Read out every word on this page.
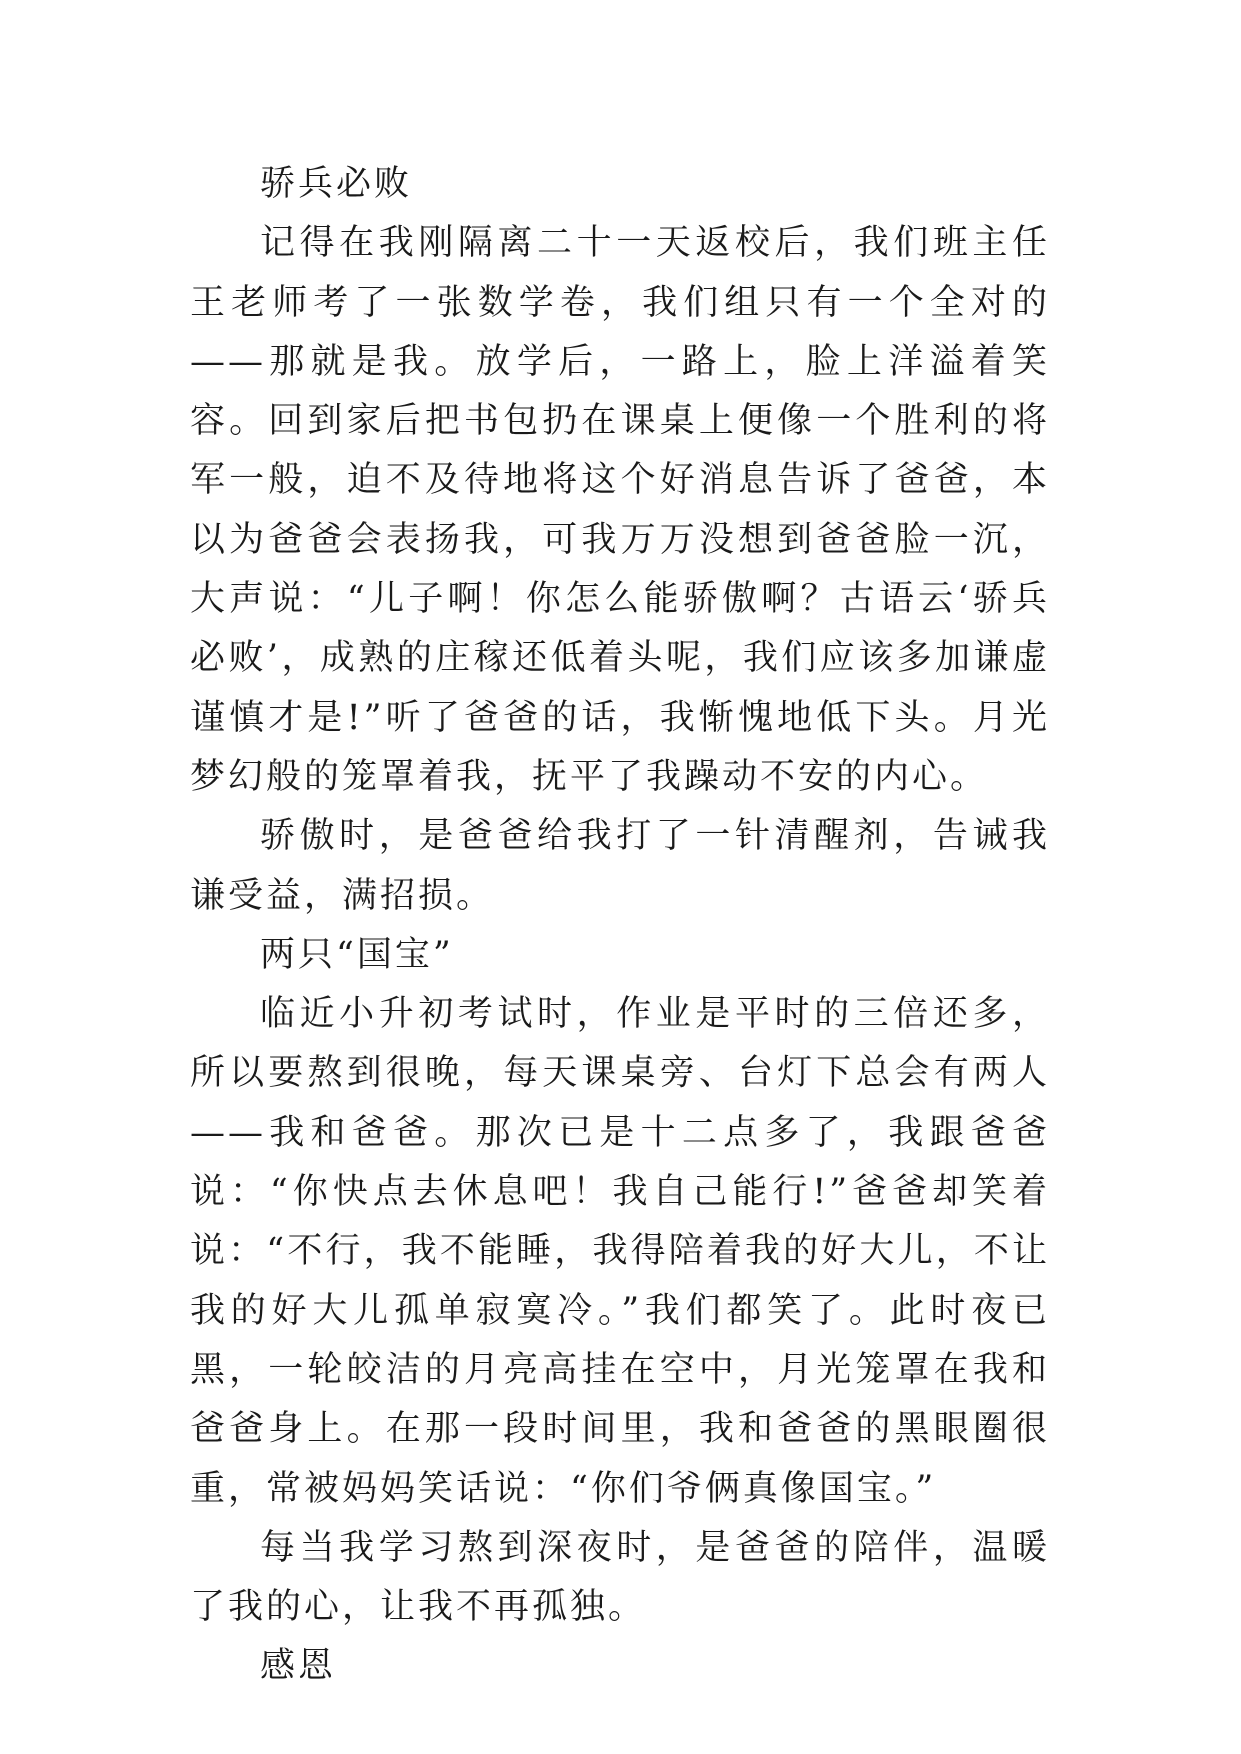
骄兵必败

记得在我刚隔离二十一天返校后，我们班主任王老师考了一张数学卷，我们组只有一个全对的——那就是我。放学后，一路上，脸上洋溢着笑容。回到家后把书包扔在课桌上便像一个胜利的将军一般，迫不及待地将这个好消息告诉了爸爸，本以为爸爸会表扬我，可我万万没想到爸爸脸一沉，大声说：“儿子啊！你怎么能骄傲啊？古语云‘骄兵必败’，成熟的庄稼还低着头呢，我们应该多加谦虚谨慎才是!”听了爸爸的话，我惭愧地低下头。月光梦幻般的笼罩着我，抚平了我躁动不安的内心。

骄傲时，是爸爸给我打了一针清醒剂，告诫我谦受益，满招损。

两只“国宝”

临近小升初考试时，作业是平时的三倍还多，所以要熬到很晚，每天课桌旁、台灯下总会有两人——我和爸爸。那次已是十二点多了，我跟爸爸说：“你快点去休息吧！我自己能行!”爸爸却笑着说：“不行，我不能睡，我得陪着我的好大儿，不让我的好大儿孤单寂寞冷。”我们都笑了。此时夜已黑，一轮皎洁的月亮高挂在空中，月光笼罩在我和爸爸身上。在那一段时间里，我和爸爸的黑眼圈很重，常被妈妈笑话说：“你们爷俩真像国宝。”

每当我学习熬到深夜时，是爸爸的陪伴，温暖了我的心，让我不再孤独。

感恩
